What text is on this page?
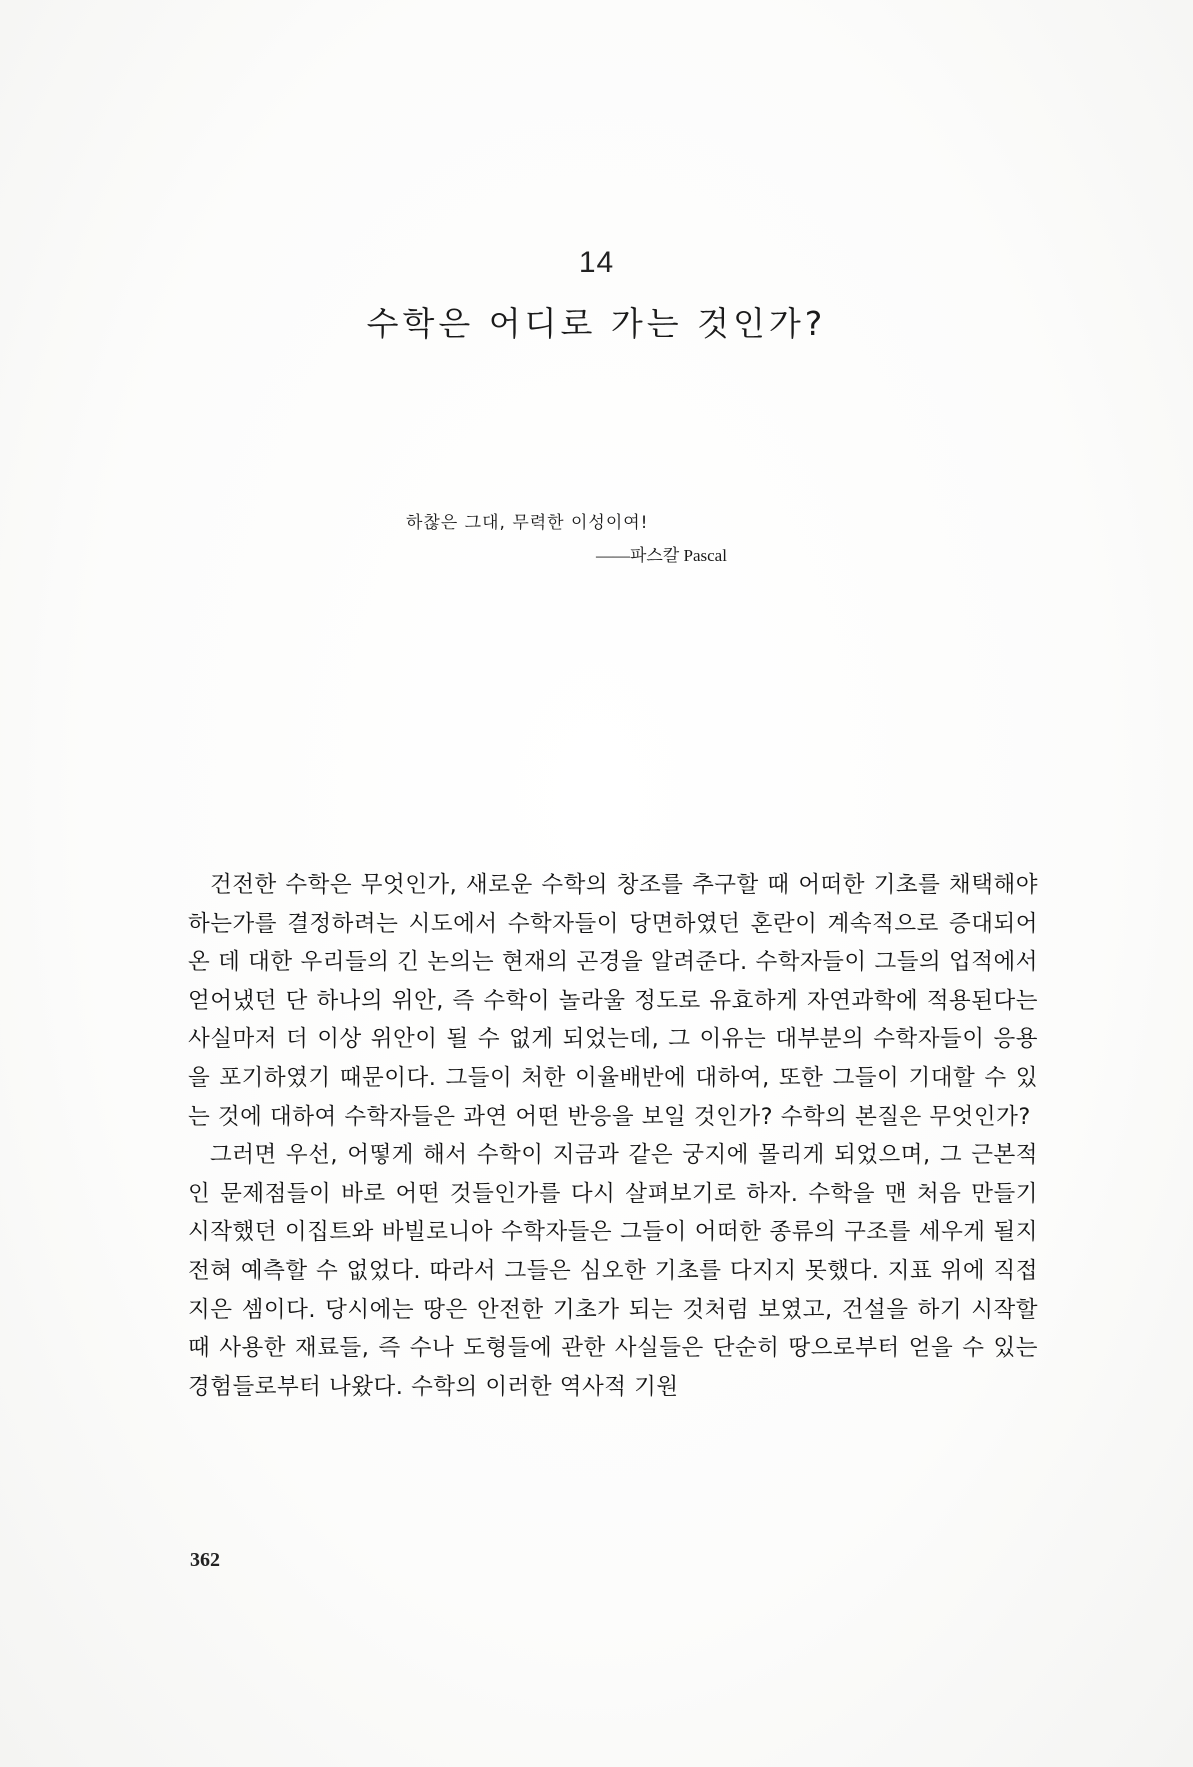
14
수학은 어디로 가는 것인가?
하찮은 그대, 무력한 이성이여!
——파스칼 Pascal

건전한 수학은 무엇인가, 새로운 수학의 창조를 추구할 때 어떠한 기초를 채택해야 하는가를 결정하려는 시도에서 수학자들이 당면하였던 혼란이 계속적으로 증대되어 온 데 대한 우리들의 긴 논의는 현재의 곤경을 알려준다. 수학자들이 그들의 업적에서 얻어냈던 단 하나의 위안, 즉 수학이 놀라울 정도로 유효하게 자연과학에 적용된다는 사실마저 더 이상 위안이 될 수 없게 되었는데, 그 이유는 대부분의 수학자들이 응용을 포기하였기 때문이다. 그들이 처한 이율배반에 대하여, 또한 그들이 기대할 수 있는 것에 대하여 수학자들은 과연 어떤 반응을 보일 것인가? 수학의 본질은 무엇인가?

그러면 우선, 어떻게 해서 수학이 지금과 같은 궁지에 몰리게 되었으며, 그 근본적인 문제점들이 바로 어떤 것들인가를 다시 살펴보기로 하자. 수학을 맨 처음 만들기 시작했던 이집트와 바빌로니아 수학자들은 그들이 어떠한 종류의 구조를 세우게 될지 전혀 예측할 수 없었다. 따라서 그들은 심오한 기초를 다지지 못했다. 지표 위에 직접 지은 셈이다. 당시에는 땅은 안전한 기초가 되는 것처럼 보였고, 건설을 하기 시작할 때 사용한 재료들, 즉 수나 도형들에 관한 사실들은 단순히 땅으로부터 얻을 수 있는 경험들로부터 나왔다. 수학의 이러한 역사적 기원

362
